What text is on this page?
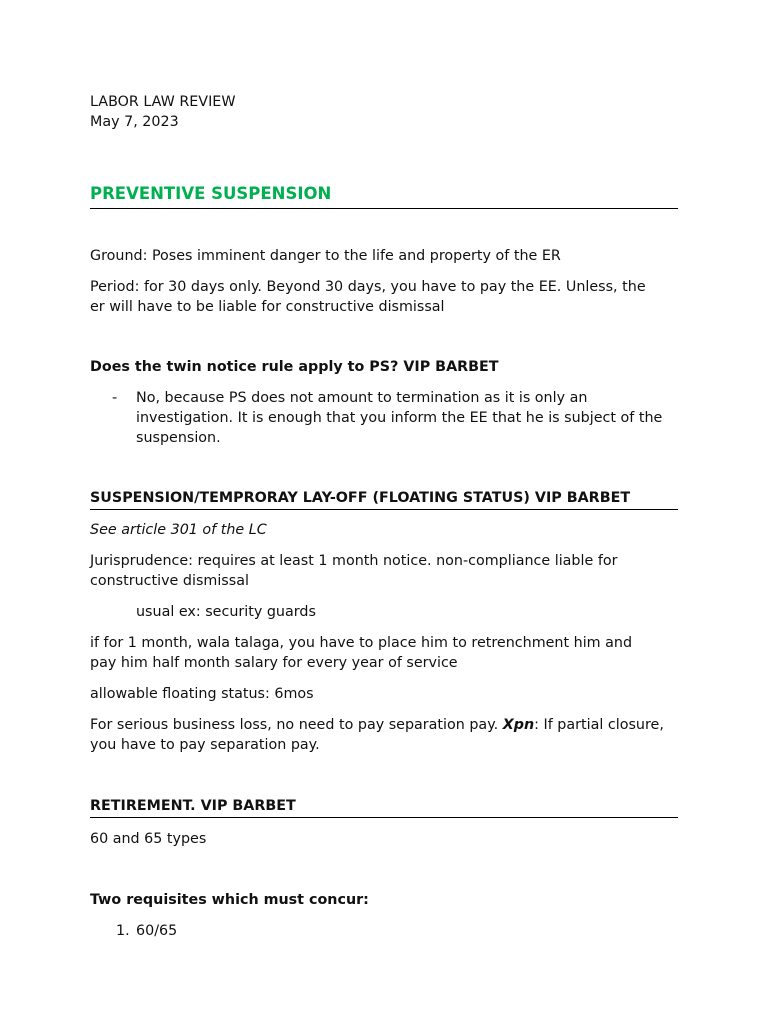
LABOR LAW REVIEW
May 7, 2023
PREVENTIVE SUSPENSION

Ground: Poses imminent danger to the life and property of the ER

Period: for 30 days only. Beyond 30 days, you have to pay the EE. Unless, the er will have to be liable for constructive dismissal

Does the twin notice rule apply to PS? VIP BARBET

- No, because PS does not amount to termination as it is only an investigation. It is enough that you inform the EE that he is subject of the suspension.
SUSPENSION/TEMPRORAY LAY-OFF (FLOATING STATUS) VIP BARBET

See article 301 of the LC

Jurisprudence: requires at least 1 month notice. non-compliance liable for constructive dismissal

usual ex: security guards

if for 1 month, wala talaga, you have to place him to retrenchment him and pay him half month salary for every year of service

allowable floating status: 6mos

For serious business loss, no need to pay separation pay. Xpn: If partial closure, you have to pay separation pay.

RETIREMENT. VIP BARBET

60 and 65 types

Two requisites which must concur:

1. 60/65
